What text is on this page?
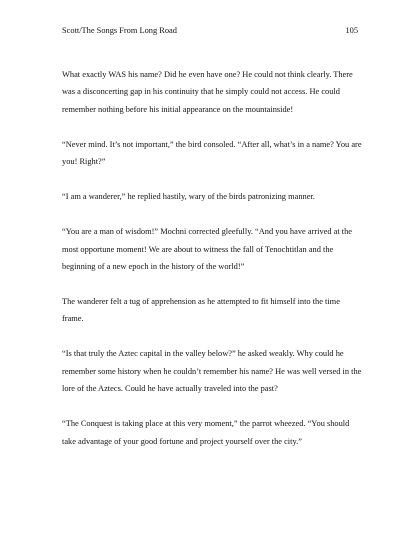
Scott/The Songs From Long Road	105

What exactly WAS his name? Did he even have one? He could not think clearly. There was a disconcerting gap in his continuity that he simply could not access. He could remember nothing before his initial appearance on the mountainside!

“Never mind. It’s not important,” the bird consoled. “After all, what’s in a name? You are you! Right?”

“I am a wanderer,” he replied hastily, wary of the birds patronizing manner.

“You are a man of wisdom!” Mochni corrected gleefully. “And you have arrived at the most opportune moment! We are about to witness the fall of Tenochtitlan and the beginning of a new epoch in the history of the world!”

The wanderer felt a tug of apprehension as he attempted to fit himself into the time frame.

“Is that truly the Aztec capital in the valley below?” he asked weakly. Why could he remember some history when he couldn’t remember his name? He was well versed in the lore of the Aztecs. Could he have actually traveled into the past?

“The Conquest is taking place at this very moment,” the parrot wheezed. “You should take advantage of your good fortune and project yourself over the city.”
